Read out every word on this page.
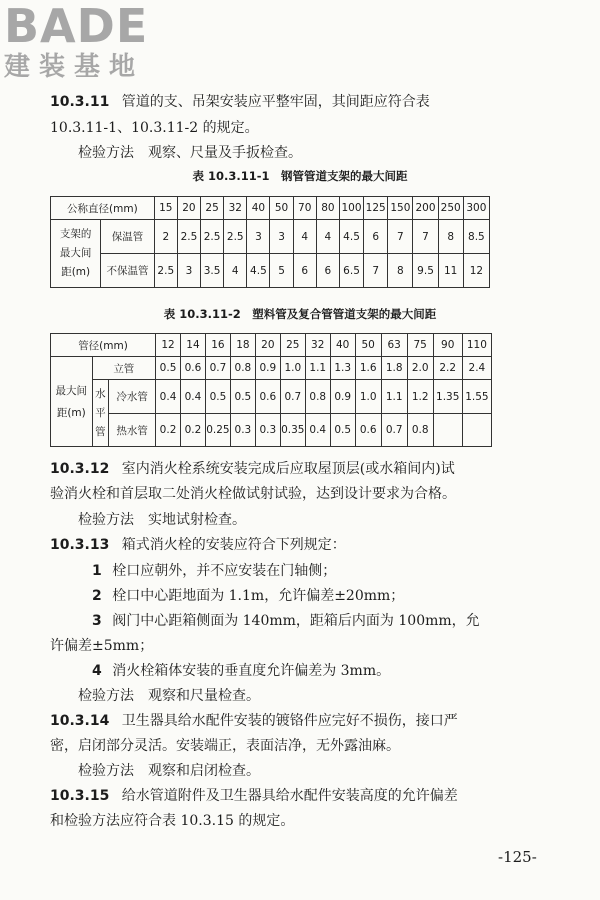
BADE
建装基地
10.3.11 管道的支、吊架安装应平整牢固，其间距应符合表
10.3.11-1、10.3.11-2 的规定。
检验方法　观察、尺量及手扳检查。
表 10.3.11-1　钢管管道支架的最大间距
公称直径(mm)		15	20	25	32	40	50	70	80	100	125	150	200	250	300

支架的
最大间
距(m)	保温管	2	2.5	2.5	2.5	3	3	4	4	4.5	6	7	7	8	8.5
	不保温管	2.5	3	3.5	4	4.5	5	6	6	6.5	7	8	9.5	11	12
表 10.3.11-2　塑料管及复合管管道支架的最大间距
管径(mm)			12	14	16	18	20	25	32	40	50	63	75	90	110

最大间
距(m)	立管		0.5	0.6	0.7	0.8	0.9	1.0	1.1	1.3	1.6	1.8	2.0	2.2	2.4

	水
平
管	冷水管	0.4	0.4	0.5	0.5	0.6	0.7	0.8	0.9	1.0	1.1	1.2	1.35	1.55
		热水管	0.2	0.2	0.25	0.3	0.3	0.35	0.4	0.5	0.6	0.7	0.8		
10.3.12 室内消火栓系统安装完成后应取屋顶层(或水箱间内)试
验消火栓和首层取二处消火栓做试射试验，达到设计要求为合格。
检验方法　实地试射检查。
10.3.13 箱式消火栓的安装应符合下列规定：
1 栓口应朝外，并不应安装在门轴侧；
2 栓口中心距地面为 1.1m，允许偏差±20mm；
3 阀门中心距箱侧面为 140mm，距箱后内面为 100mm，允
许偏差±5mm；
4 消火栓箱体安装的垂直度允许偏差为 3mm。
检验方法　观察和尺量检查。
10.3.14 卫生器具给水配件安装的镀铬件应完好不损伤，接口严
密，启闭部分灵活。安装端正，表面洁净，无外露油麻。
检验方法　观察和启闭检查。
10.3.15 给水管道附件及卫生器具给水配件安装高度的允许偏差
和检验方法应符合表 10.3.15 的规定。
-125-
